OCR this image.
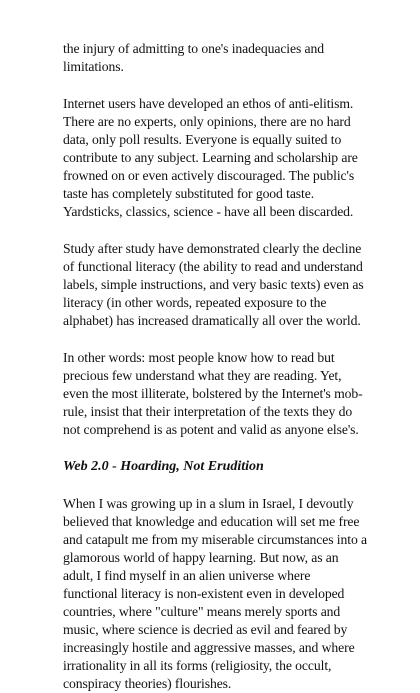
the injury of admitting to one's inadequacies and limitations.

Internet users have developed an ethos of anti-elitism. There are no experts, only opinions, there are no hard data, only poll results. Everyone is equally suited to contribute to any subject. Learning and scholarship are frowned on or even actively discouraged. The public's taste has completely substituted for good taste. Yardsticks, classics, science - have all been discarded.

Study after study have demonstrated clearly the decline of functional literacy (the ability to read and understand labels, simple instructions, and very basic texts) even as literacy (in other words, repeated exposure to the alphabet) has increased dramatically all over the world.

In other words: most people know how to read but precious few understand what they are reading. Yet, even the most illiterate, bolstered by the Internet's mob-rule, insist that their interpretation of the texts they do not comprehend is as potent and valid as anyone else's.

Web 2.0 - Hoarding, Not Erudition

When I was growing up in a slum in Israel, I devoutly believed that knowledge and education will set me free and catapult me from my miserable circumstances into a glamorous world of happy learning. But now, as an adult, I find myself in an alien universe where functional literacy is non-existent even in developed countries, where "culture" means merely sports and music, where science is decried as evil and feared by increasingly hostile and aggressive masses, and where irrationality in all its forms (religiosity, the occult, conspiracy theories) flourishes.
